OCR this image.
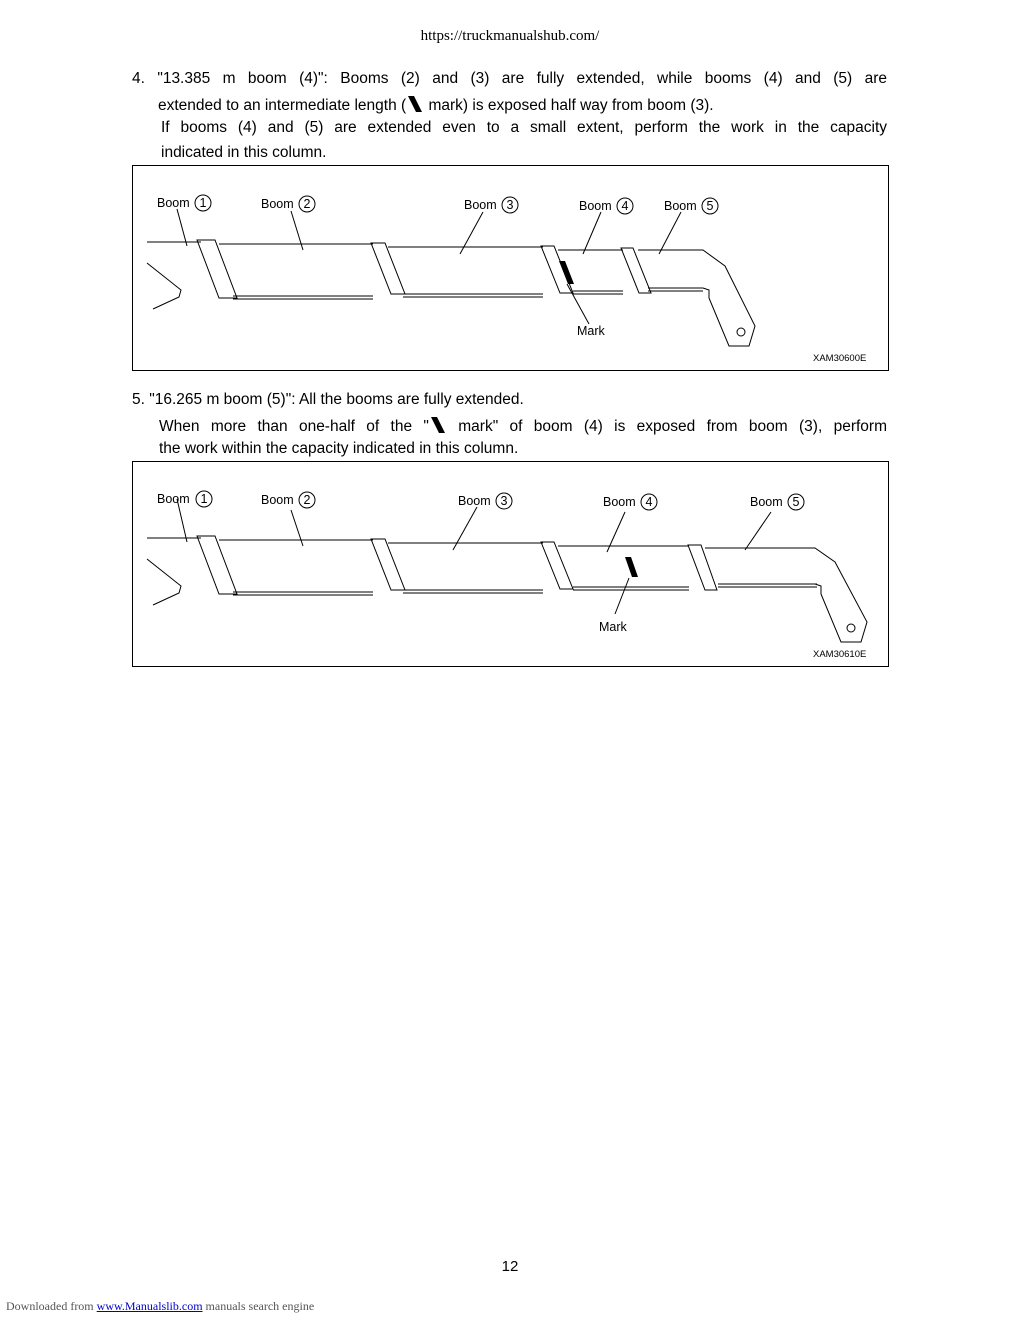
https://truckmanualshub.com/
4. "13.385 m boom (4)": Booms (2) and (3) are fully extended, while booms (4) and (5) are
extended to an intermediate length ( mark) is exposed half way from boom (3).
If booms (4) and (5) are extended even to a small extent, perform the work in the capacity
indicated in this column.
Boom 1	Boom 2	Boom 3	Boom 4	Boom 5
Mark
XAM30600E
5. "16.265 m boom (5)": All the booms are fully extended.
When more than one-half of the " mark" of boom (4) is exposed from boom (3), perform
the work within the capacity indicated in this column.
Boom 1	Boom 2	Boom 3	Boom 4	Boom 5
Mark
XAM30610E
12
Downloaded from www.Manualslib.com manuals search engine
